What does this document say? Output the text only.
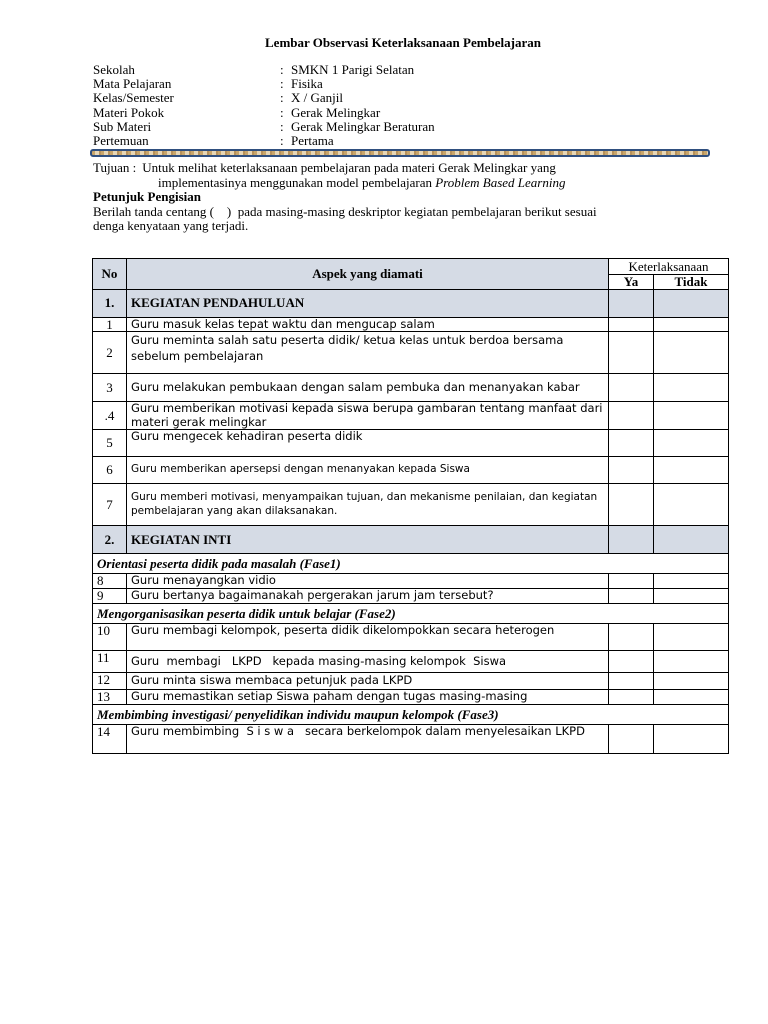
Lembar Observasi Keterlaksanaan Pembelajaran
Sekolah	: SMKN 1 Parigi Selatan
Mata Pelajaran	: Fisika
Kelas/Semester	: X / Ganjil
Materi Pokok	: Gerak Melingkar
Sub Materi	: Gerak Melingkar Beraturan
Pertemuan	: Pertama
Tujuan : Untuk melihat keterlaksanaan pembelajaran pada materi Gerak Melingkar yang
implementasinya menggunakan model pembelajaran Problem Based Learning
Petunjuk Pengisian
Berilah tanda centang (    )  pada masing-masing deskriptor kegiatan pembelajaran berikut sesuai
denga kenyataan yang terjadi.
No	Aspek yang diamati	Keterlaksanaan	
		Ya	Tidak
1.	KEGIATAN PENDAHULUAN		
1	Guru masuk kelas tepat waktu dan mengucap salam		
2	Guru meminta salah satu peserta didik/ ketua kelas untuk berdoa bersama sebelum pembelajaran		
3	Guru melakukan pembukaan dengan salam pembuka dan menanyakan kabar		
.4	Guru memberikan motivasi kepada siswa berupa gambaran tentang manfaat dari materi gerak melingkar		
5	Guru mengecek kehadiran peserta didik		
6	Guru memberikan apersepsi dengan menanyakan kepada Siswa		
7	Guru memberi motivasi, menyampaikan tujuan, dan mekanisme penilaian, dan kegiatan pembelajaran yang akan dilaksanakan.		
2.	KEGIATAN INTI		
Orientasi peserta didik pada masalah (Fase1)			
8	Guru menayangkan vidio		
9	Guru bertanya bagaimanakah pergerakan jarum jam tersebut?		
Mengorganisasikan peserta didik untuk belajar (Fase2)			
10	Guru membagi kelompok, peserta didik dikelompokkan secara heterogen		
11	Guru  membagi   LKPD   kepada masing-masing kelompok  Siswa		
12	Guru minta siswa membaca petunjuk pada LKPD		
13	Guru memastikan setiap Siswa paham dengan tugas masing-masing		
Membimbing investigasi/ penyelidikan individu maupun kelompok (Fase3)			
14	Guru membimbing  S i s w a   secara berkelompok dalam menyelesaikan LKPD		
